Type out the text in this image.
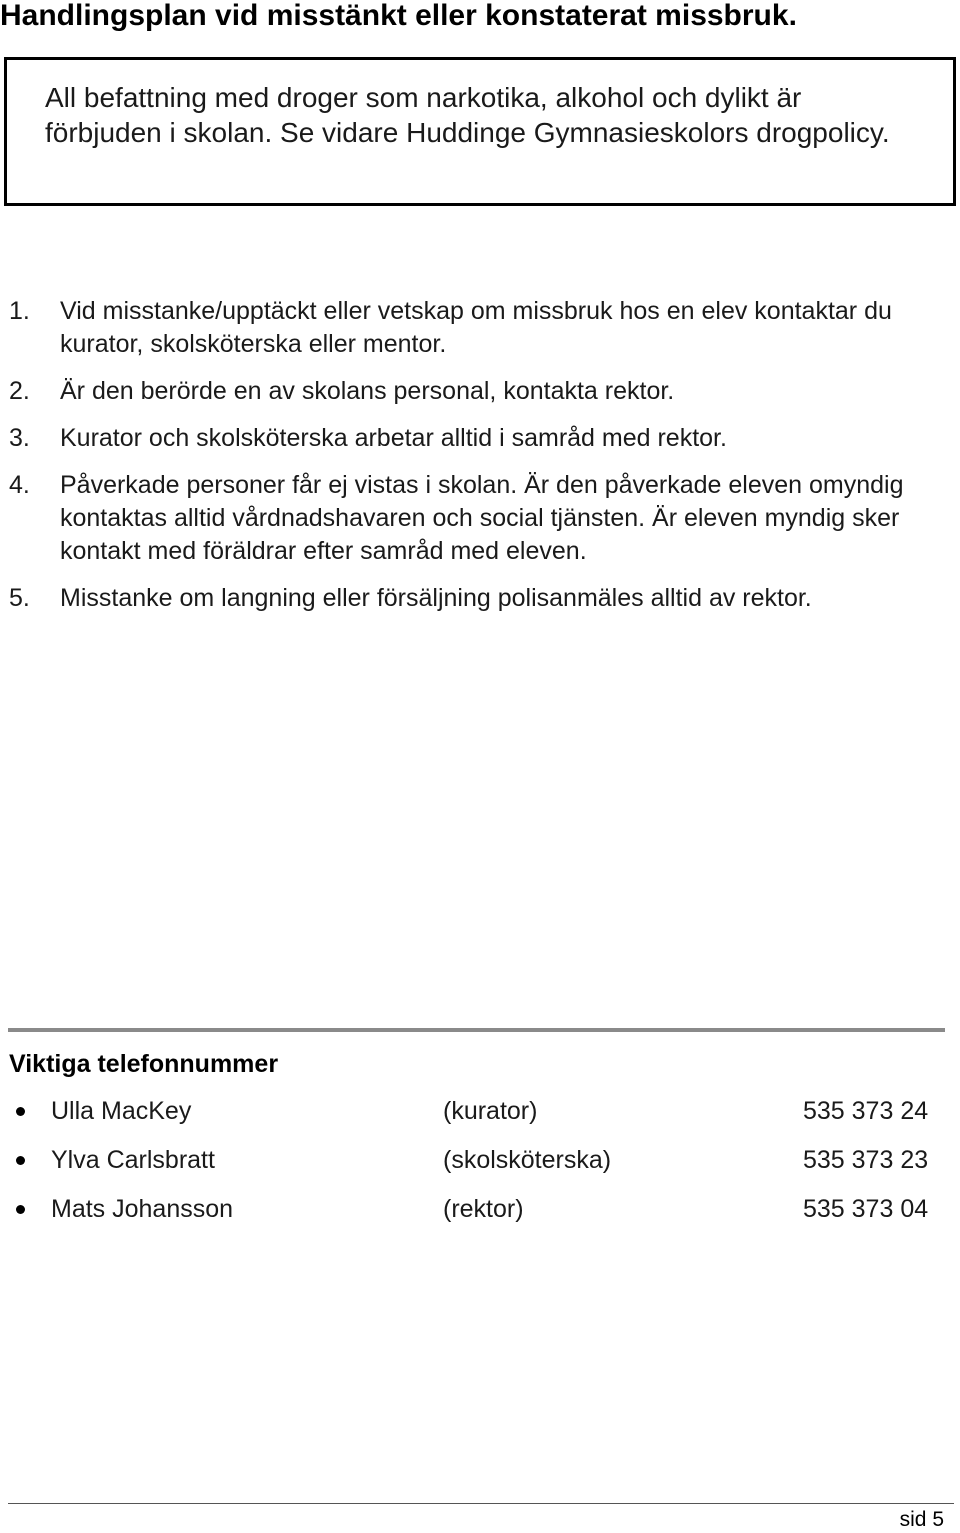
Handlingsplan vid misstänkt eller konstaterat missbruk.
All befattning med droger som narkotika, alkohol och dylikt är förbjuden i skolan. Se vidare Huddinge Gymnasieskolors drogpolicy.
1. Vid misstanke/upptäckt eller vetskap om missbruk hos en elev kontaktar du kurator, skolsköterska eller mentor.
2. Är den berörde en av skolans personal, kontakta rektor.
3. Kurator och skolsköterska arbetar alltid i samråd med rektor.
4. Påverkade personer får ej vistas i skolan. Är den påverkade eleven omyndig kontaktas alltid vårdnadshavaren och social tjänsten. Är eleven myndig sker kontakt med föräldrar efter samråd med eleven.
5. Misstanke om langning eller försäljning polisanmäles alltid av rektor.
Viktiga telefonnummer
Ulla MacKey	(kurator)	535 373 24
Ylva Carlsbratt	(skolsköterska)	535 373 23
Mats Johansson	(rektor)	535 373 04
sid 5
